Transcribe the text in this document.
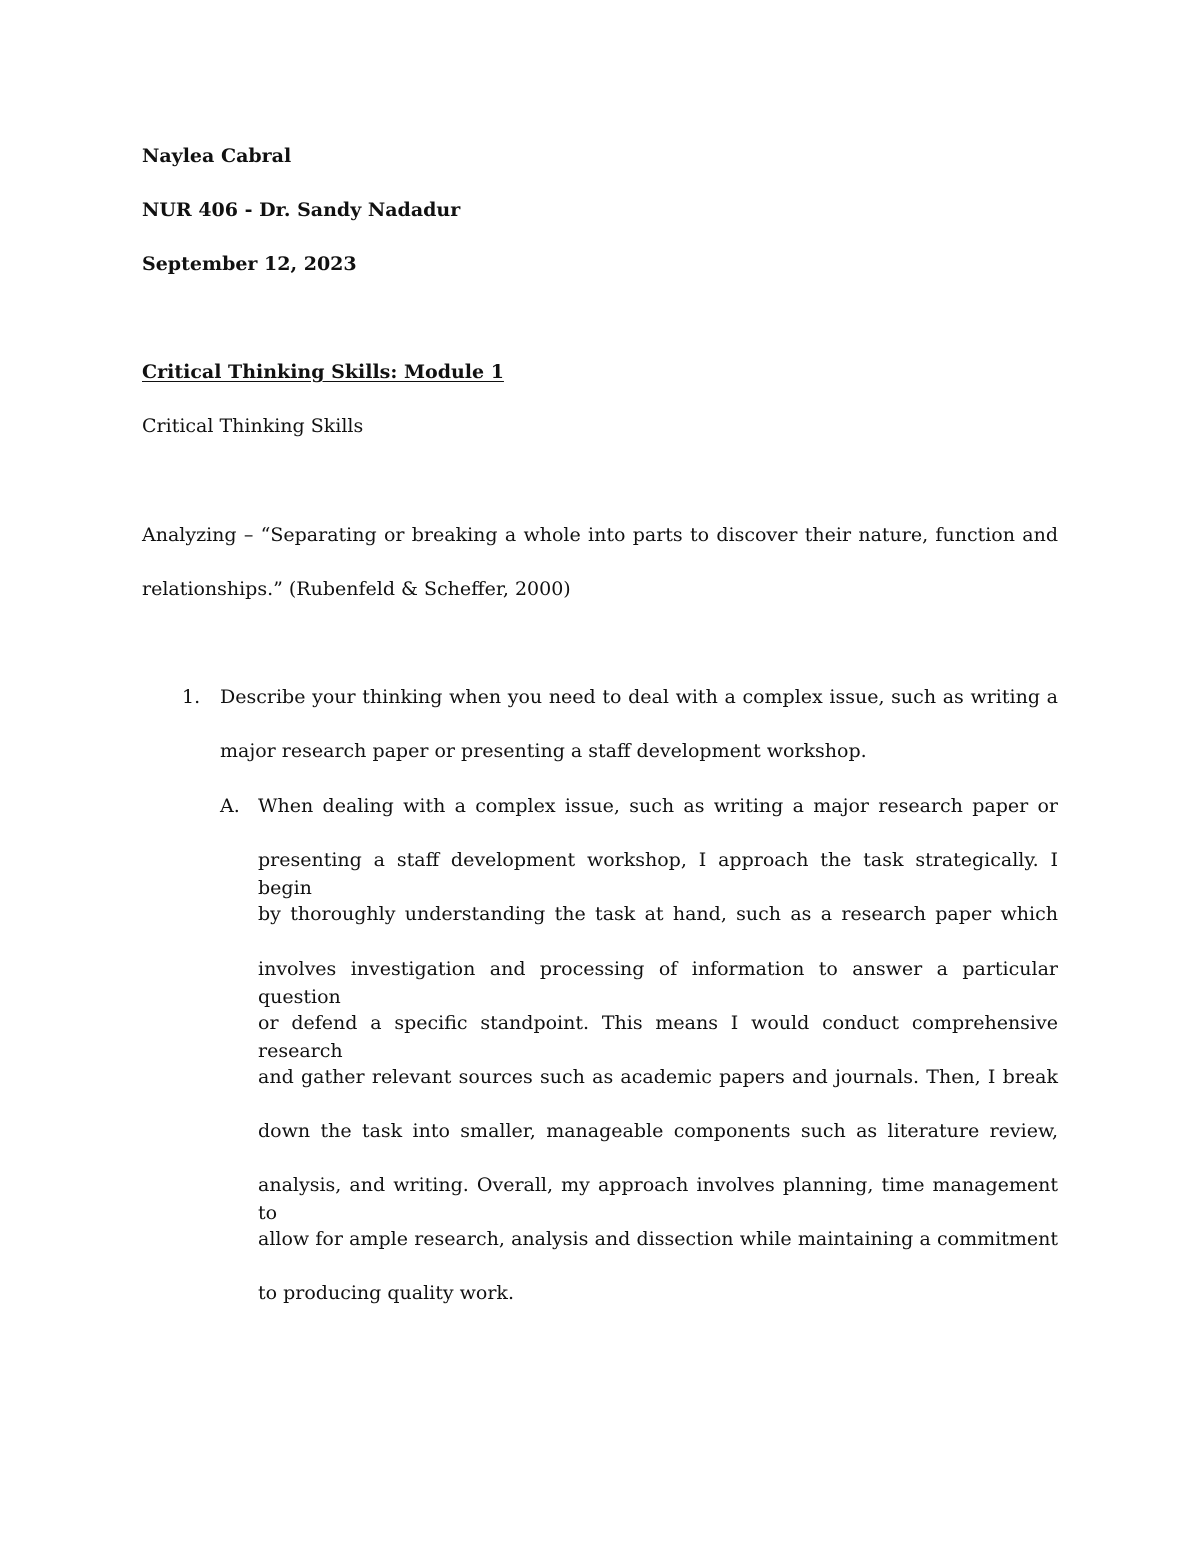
Naylea Cabral
NUR 406 - Dr. Sandy Nadadur
September 12, 2023
Critical Thinking Skills: Module 1
Critical Thinking Skills
Analyzing – “Separating or breaking a whole into parts to discover their nature, function and
relationships.” (Rubenfeld & Scheffer, 2000)
1. Describe your thinking when you need to deal with a complex issue, such as writing a
major research paper or presenting a staff development workshop.
A. When dealing with a complex issue, such as writing a major research paper or
presenting a staff development workshop, I approach the task strategically. I begin
by thoroughly understanding the task at hand, such as a research paper which
involves investigation and processing of information to answer a particular question
or defend a specific standpoint. This means I would conduct comprehensive research
and gather relevant sources such as academic papers and journals. Then, I break
down the task into smaller, manageable components such as literature review,
analysis, and writing. Overall, my approach involves planning, time management to
allow for ample research, analysis and dissection while maintaining a commitment
to producing quality work.
